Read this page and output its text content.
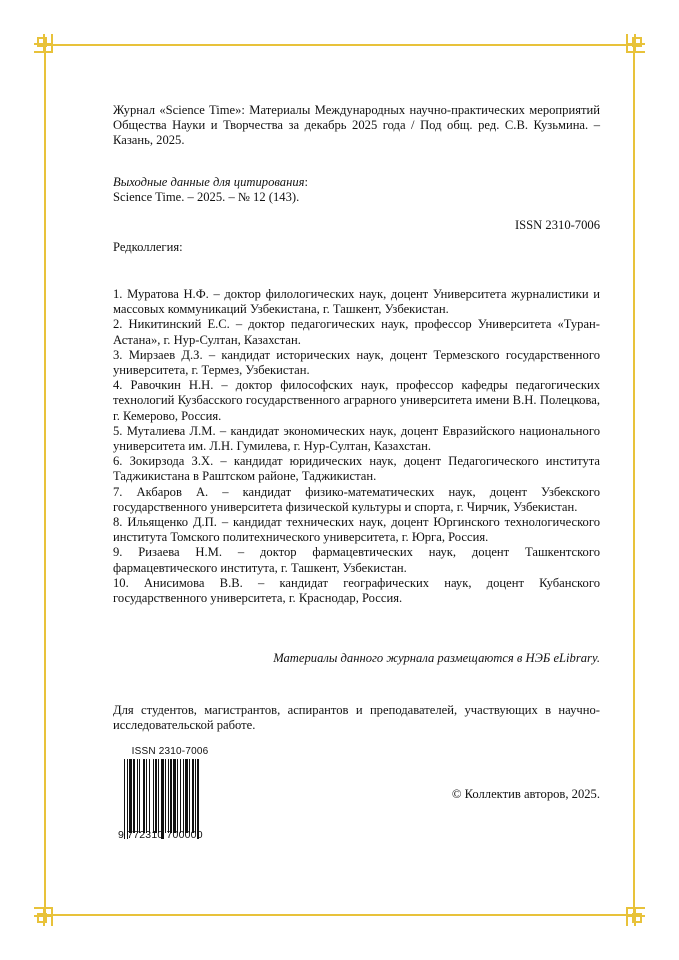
Журнал «Science Time»: Материалы Международных научно-практических мероприятий Общества Науки и Творчества за декабрь 2025 года / Под общ. ред. С.В. Кузьмина. – Казань, 2025.
Выходные данные для цитирования:
Science Time. – 2025. – № 12 (143).
ISSN 2310-7006
Редколлегия:

1. Муратова Н.Ф. – доктор филологических наук, доцент Университета журналистики и массовых коммуникаций Узбекистана, г. Ташкент, Узбекистан.

2. Никитинский Е.С. – доктор педагогических наук, профессор Университета «Туран-Астана», г. Нур-Султан, Казахстан.

3. Мирзаев Д.З. – кандидат исторических наук, доцент Термезского государственного университета, г. Термез, Узбекистан.

4. Равочкин Н.Н. – доктор философских наук, профессор кафедры педагогических технологий Кузбасского государственного аграрного университета имени В.Н. Полецкова, г. Кемерово, Россия.

5. Муталиева Л.М. – кандидат экономических наук, доцент Евразийского национального университета им. Л.Н. Гумилева, г. Нур-Султан, Казахстан.

6. Зокирзода З.Х. – кандидат юридических наук, доцент Педагогического института Таджикистана в Раштском районе, Таджикистан.

7. Акбаров А. – кандидат физико-математических наук, доцент Узбекского государственного университета физической культуры и спорта, г. Чирчик, Узбекистан.

8. Ильященко Д.П. – кандидат технических наук, доцент Юргинского технологического института Томского политехнического университета, г. Юрга, Россия.

9. Ризаева Н.М. – доктор фармацевтических наук, доцент Ташкентского фармацевтического института, г. Ташкент, Узбекистан.

10. Анисимова В.В. – кандидат географических наук, доцент Кубанского государственного университета, г. Краснодар, Россия.

Материалы данного журнала размещаются в НЭБ eLibrary.
Для студентов, магистрантов, аспирантов и преподавателей, участвующих в научно-исследовательской работе.
ISSN 2310-7006
9 772310 700000
© Коллектив авторов, 2025.
